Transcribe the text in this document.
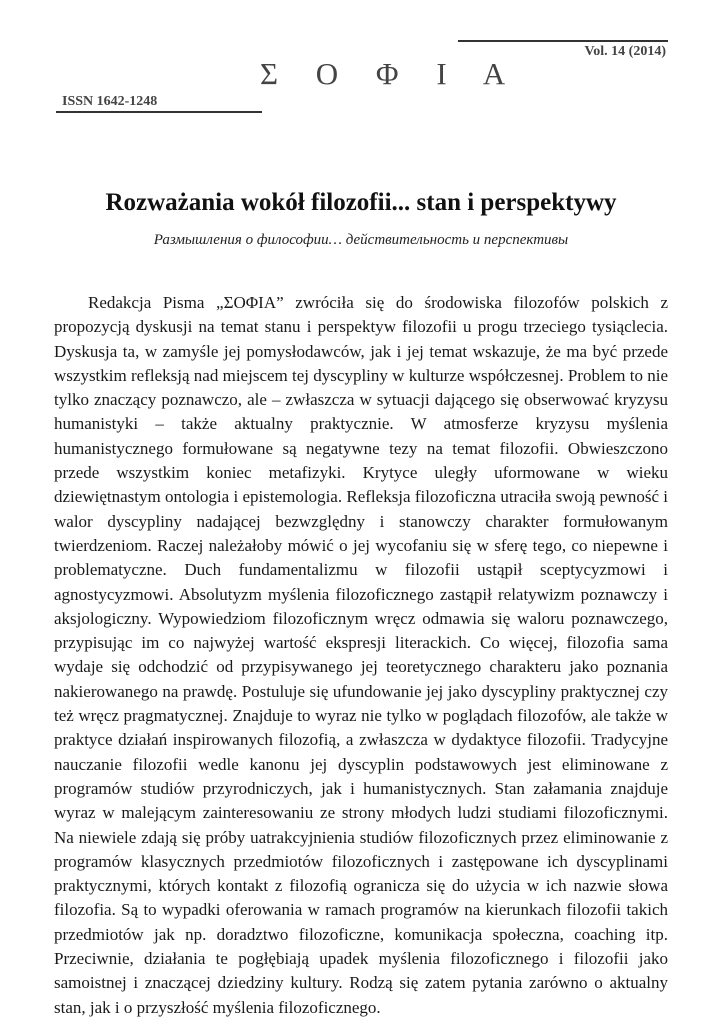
Vol. 14 (2014)
Σ Ο Φ Ι Α
ISSN 1642-1248
Rozważania wokół filozofii... stan i perspektywy
Размышления о философии… действительность и перспективы

Redakcja Pisma „ΣΟΦΙΑ” zwróciła się do środowiska filozofów polskich z propozycją dyskusji na temat stanu i perspektyw filozofii u progu trzeciego tysiąclecia. Dyskusja ta, w zamyśle jej pomysłodawców, jak i jej temat wskazuje, że ma być przede wszystkim refleksją nad miejscem tej dyscypliny w kulturze współczesnej. Problem to nie tylko znaczący poznawczo, ale – zwłaszcza w sytuacji dającego się obserwować kryzysu humanistyki – także aktualny praktycznie. W atmosferze kryzysu myślenia humanistycznego formułowane są negatywne tezy na temat filozofii. Obwieszczono przede wszystkim koniec metafizyki. Krytyce uległy uformowane w wieku dziewiętnastym ontologia i epistemologia. Refleksja filozoficzna utraciła swoją pewność i walor dyscypliny nadającej bezwzględny i stanowczy charakter formułowanym twierdzeniom. Raczej należałoby mówić o jej wycofaniu się w sferę tego, co niepewne i problematyczne. Duch fundamentalizmu w filozofii ustąpił sceptycyzmowi i agnostycyzmowi. Absolutyzm myślenia filozoficznego zastąpił relatywizm poznawczy i aksjologiczny. Wypowiedziom filozoficznym wręcz odmawia się waloru poznawczego, przypisując im co najwyżej wartość ekspresji literackich. Co więcej, filozofia sama wydaje się odchodzić od przypisywanego jej teoretycznego charakteru jako poznania nakierowanego na prawdę. Postuluje się ufundowanie jej jako dyscypliny praktycznej czy też wręcz pragmatycznej. Znajduje to wyraz nie tylko w poglądach filozofów, ale także w praktyce działań inspirowanych filozofią, a zwłaszcza w dydaktyce filozofii. Tradycyjne nauczanie filozofii wedle kanonu jej dyscyplin podstawowych jest eliminowane z programów studiów przyrodniczych, jak i humanistycznych. Stan załamania znajduje wyraz w malejącym zainteresowaniu ze strony młodych ludzi studiami filozoficznymi. Na niewiele zdają się próby uatrakcyjnienia studiów filozoficznych przez eliminowanie z programów klasycznych przedmiotów filozoficznych i zastępowane ich dyscyplinami praktycznymi, których kontakt z filozofią ogranicza się do użycia w ich nazwie słowa filozofia. Są to wypadki oferowania w ramach programów na kierunkach filozofii takich przedmiotów jak np. doradztwo filozoficzne, komunikacja społeczna, coaching itp. Przeciwnie, działania te pogłębiają upadek myślenia filozoficznego i filozofii jako samoistnej i znaczącej dziedziny kultury. Rodzą się zatem pytania zarówno o aktualny stan, jak i o przyszłość myślenia filozoficznego.
